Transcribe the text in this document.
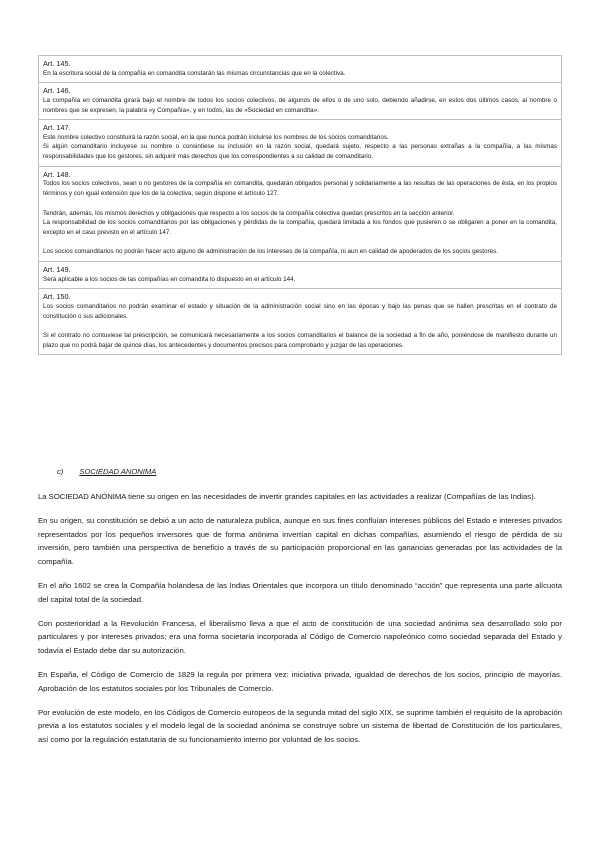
Art. 145.

En la escritura social de la compañía en comandita constarán las mismas circunstancias que en la colectiva.

Art. 146.

La compañía en comandita girará bajo el nombre de todos los socios colectivos, de algunos de ellos o de uno solo, debiendo añadirse, en estos dos últimos casos, al nombre o nombres que se expresen, la palabra «y Compañía», y en todos, las de «Sociedad en comandita».

Art. 147.

Este nombre colectivo constituirá la razón social, en la que nunca podrán incluirse los nombres de los socios comanditarios.

Si algún comanditario incluyese su nombre o consintiese su inclusión en la razón social, quedará sujeto, respecto a las personas extrañas a la compañía, a las mismas responsabilidades que los gestores, sin adquirir más derechos que los correspondientes a su calidad de comanditario.

Art. 148.

Todos los socios colectivos, sean o no gestores de la compañía en comandita, quedarán obligados personal y solidariamente a las resultas de las operaciones de ésta, en los propios términos y con igual extensión que los de la colectiva, según dispone el artículo 127.

Tendrán, además, los mismos derechos y obligaciones que respecto a los socios de la compañía colectiva quedan prescritos en la sección anterior.

La responsabilidad de los socios comanditarios por las obligaciones y pérdidas de la compañía, quedará limitada a los fondos que pusieren o se obligaren a poner en la comandita, excepto en el caso previsto en el artículo 147.

Los socios comanditarios no podrán hacer acto alguno de administración de los intereses de la compañía, ni aun en calidad de apoderados de los socios gestores.

Art. 149.

Será aplicable a los socios de las compañías en comandita lo dispuesto en el artículo 144.

Art. 150.

Los socios comanditarios no podrán examinar el estado y situación de la administración social sino en las épocas y bajo las penas que se hallen prescritas en el contrato de constitución o sus adicionales.

Si el contrato no contuviese tal prescripción, se comunicará necesariamente a los socios comanditarios el balance de la sociedad a fin de año, poniéndose de manifiesto durante un plazo que no podrá bajar de quince días, los antecedentes y documentos precisos para comprobarlo y juzgar de las operaciones.

c) SOCIEDAD ANONIMA

La SOCIEDAD ANÓNIMA tiene su origen en las necesidades de invertir grandes capitales en las actividades a realizar (Compañías de las Indias).

En su origen, su constitución se debió a un acto de naturaleza publica, aunque en sus fines confluían intereses públicos del Estado e intereses privados representados por los pequeños inversores que de forma anónima invertían capital en dichas compañías, asumiendo el riesgo de pérdida de su inversión, pero también una perspectiva de beneficio a través de su participación proporcional en las ganancias generadas por las actividades de la compañía.

En el año 1602 se crea la Compañía holandesa de las Indias Orientales que incorpora un título denominado “acción” que representa una parte alícuota del capital total de la sociedad.

Con posterioridad a la Revolución Francesa, el liberalismo lleva a que el acto de constitución de una sociedad anónima sea desarrollado solo por particulares y por intereses privados; era una forma societaria incorporada al Código de Comercio napoleónico como sociedad separada del Estado y todavía el Estado debe dar su autorización.

En España, el Código de Comercio de 1829 la regula por primera vez: iniciativa privada, igualdad de derechos de los socios, principio de mayorías. Aprobación de los estatutos sociales por los Tribunales de Comercio.

Por evolución de este modelo, en los Códigos de Comercio europeos de la segunda mitad del siglo XIX, se suprime también el requisito de la aprobación previa a los estatutos sociales y el modelo legal de la sociedad anónima se construye sobre un sistema de libertad de Constitución de los particulares, así como por la regulación estatutaria de su funcionamiento interno por voluntad de los socios.
